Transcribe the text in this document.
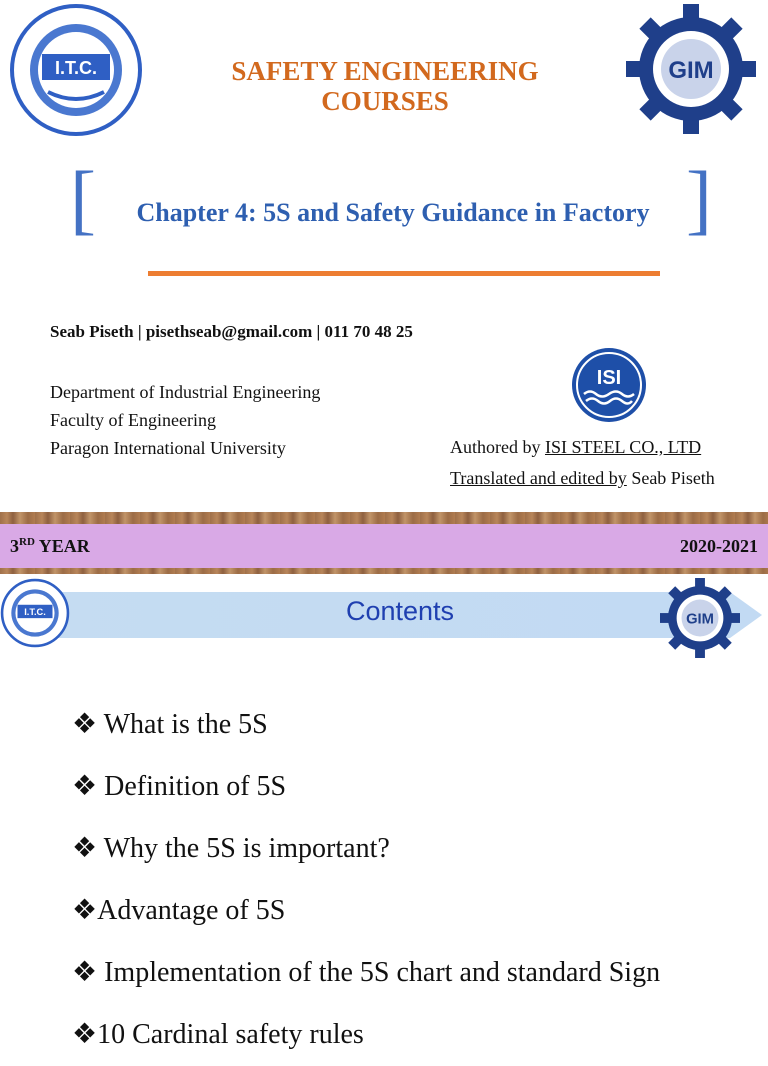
I.T.C.	SAFETY ENGINEERING
COURSES
GIM
[	Chapter 4: 5S and Safety Guidance in Factory ]
Seab Piseth | pisethseab@gmail.com | 011 70 48 25
Department of Industrial Engineering
Faculty of Engineering
Paragon International University
ISI
Authored by ISI STEEL CO., LTD
Translated and edited by Seab Piseth
3RD YEAR	2020-2021
Contents
I.T.C.	GIM
❖ What is the 5S
❖ Definition of 5S
❖ Why the 5S is important?
❖Advantage of 5S
❖ Implementation of the 5S chart and standard Sign
❖10 Cardinal safety rules
